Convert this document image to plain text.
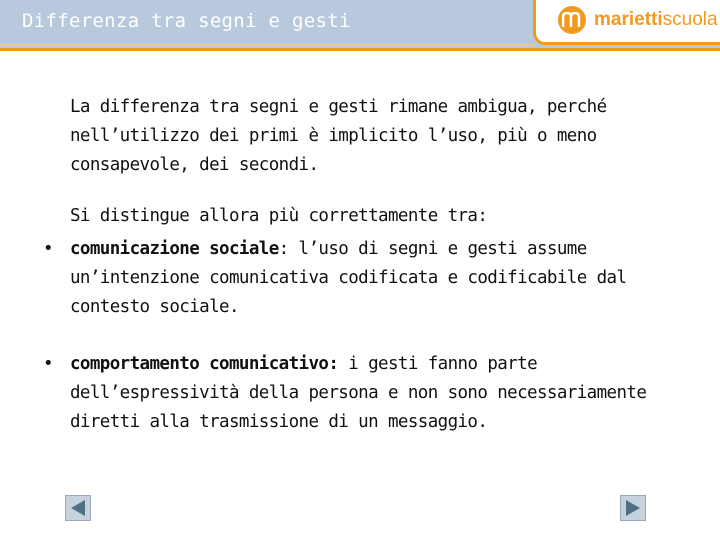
Differenza tra segni e gesti	mariettiscuola

La differenza tra segni e gesti rimane ambigua, perché nell’utilizzo dei primi è implicito l’uso, più o meno consapevole, dei secondi.

Si distingue allora più correttamente tra:

• comunicazione sociale: l’uso di segni e gesti assume un’intenzione comunicativa codificata e codificabile dal contesto sociale.
• comportamento comunicativo: i gesti fanno parte dell’espressività della persona e non sono necessariamente diretti alla trasmissione di un messaggio.
